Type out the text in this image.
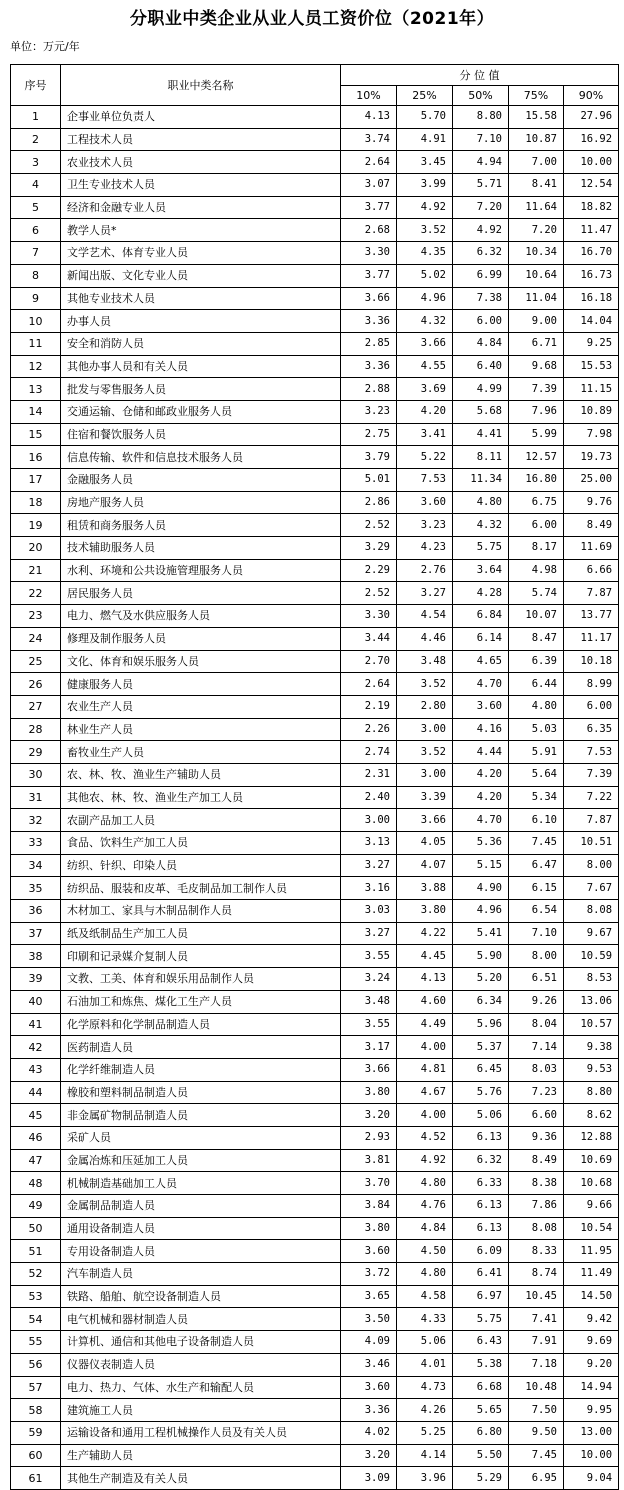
分职业中类企业从业人员工资价位（2021年）
单位：万元/年
序号	职业中类名称	分 位 值				
		10%	25%	50%	75%	90%
1	企事业单位负责人	4.13	5.70	8.80	15.58	27.96
2	工程技术人员	3.74	4.91	7.10	10.87	16.92
3	农业技术人员	2.64	3.45	4.94	7.00	10.00
4	卫生专业技术人员	3.07	3.99	5.71	8.41	12.54
5	经济和金融专业人员	3.77	4.92	7.20	11.64	18.82
6	教学人员*	2.68	3.52	4.92	7.20	11.47
7	文学艺术、体育专业人员	3.30	4.35	6.32	10.34	16.70
8	新闻出版、文化专业人员	3.77	5.02	6.99	10.64	16.73
9	其他专业技术人员	3.66	4.96	7.38	11.04	16.18
10	办事人员	3.36	4.32	6.00	9.00	14.04
11	安全和消防人员	2.85	3.66	4.84	6.71	9.25
12	其他办事人员和有关人员	3.36	4.55	6.40	9.68	15.53
13	批发与零售服务人员	2.88	3.69	4.99	7.39	11.15
14	交通运输、仓储和邮政业服务人员	3.23	4.20	5.68	7.96	10.89
15	住宿和餐饮服务人员	2.75	3.41	4.41	5.99	7.98
16	信息传输、软件和信息技术服务人员	3.79	5.22	8.11	12.57	19.73
17	金融服务人员	5.01	7.53	11.34	16.80	25.00
18	房地产服务人员	2.86	3.60	4.80	6.75	9.76
19	租赁和商务服务人员	2.52	3.23	4.32	6.00	8.49
20	技术辅助服务人员	3.29	4.23	5.75	8.17	11.69
21	水利、环境和公共设施管理服务人员	2.29	2.76	3.64	4.98	6.66
22	居民服务人员	2.52	3.27	4.28	5.74	7.87
23	电力、燃气及水供应服务人员	3.30	4.54	6.84	10.07	13.77
24	修理及制作服务人员	3.44	4.46	6.14	8.47	11.17
25	文化、体育和娱乐服务人员	2.70	3.48	4.65	6.39	10.18
26	健康服务人员	2.64	3.52	4.70	6.44	8.99
27	农业生产人员	2.19	2.80	3.60	4.80	6.00
28	林业生产人员	2.26	3.00	4.16	5.03	6.35
29	畜牧业生产人员	2.74	3.52	4.44	5.91	7.53
30	农、林、牧、渔业生产辅助人员	2.31	3.00	4.20	5.64	7.39
31	其他农、林、牧、渔业生产加工人员	2.40	3.39	4.20	5.34	7.22
32	农副产品加工人员	3.00	3.66	4.70	6.10	7.87
33	食品、饮料生产加工人员	3.13	4.05	5.36	7.45	10.51
34	纺织、针织、印染人员	3.27	4.07	5.15	6.47	8.00
35	纺织品、服装和皮革、毛皮制品加工制作人员	3.16	3.88	4.90	6.15	7.67
36	木材加工、家具与木制品制作人员	3.03	3.80	4.96	6.54	8.08
37	纸及纸制品生产加工人员	3.27	4.22	5.41	7.10	9.67
38	印刷和记录媒介复制人员	3.55	4.45	5.90	8.00	10.59
39	文教、工美、体育和娱乐用品制作人员	3.24	4.13	5.20	6.51	8.53
40	石油加工和炼焦、煤化工生产人员	3.48	4.60	6.34	9.26	13.06
41	化学原料和化学制品制造人员	3.55	4.49	5.96	8.04	10.57
42	医药制造人员	3.17	4.00	5.37	7.14	9.38
43	化学纤维制造人员	3.66	4.81	6.45	8.03	9.53
44	橡胶和塑料制品制造人员	3.80	4.67	5.76	7.23	8.80
45	非金属矿物制品制造人员	3.20	4.00	5.06	6.60	8.62
46	采矿人员	2.93	4.52	6.13	9.36	12.88
47	金属冶炼和压延加工人员	3.81	4.92	6.32	8.49	10.69
48	机械制造基础加工人员	3.70	4.80	6.33	8.38	10.68
49	金属制品制造人员	3.84	4.76	6.13	7.86	9.66
50	通用设备制造人员	3.80	4.84	6.13	8.08	10.54
51	专用设备制造人员	3.60	4.50	6.09	8.33	11.95
52	汽车制造人员	3.72	4.80	6.41	8.74	11.49
53	铁路、船舶、航空设备制造人员	3.65	4.58	6.97	10.45	14.50
54	电气机械和器材制造人员	3.50	4.33	5.75	7.41	9.42
55	计算机、通信和其他电子设备制造人员	4.09	5.06	6.43	7.91	9.69
56	仪器仪表制造人员	3.46	4.01	5.38	7.18	9.20
57	电力、热力、气体、水生产和输配人员	3.60	4.73	6.68	10.48	14.94
58	建筑施工人员	3.36	4.26	5.65	7.50	9.95
59	运输设备和通用工程机械操作人员及有关人员	4.02	5.25	6.80	9.50	13.00
60	生产辅助人员	3.20	4.14	5.50	7.45	10.00
61	其他生产制造及有关人员	3.09	3.96	5.29	6.95	9.04
